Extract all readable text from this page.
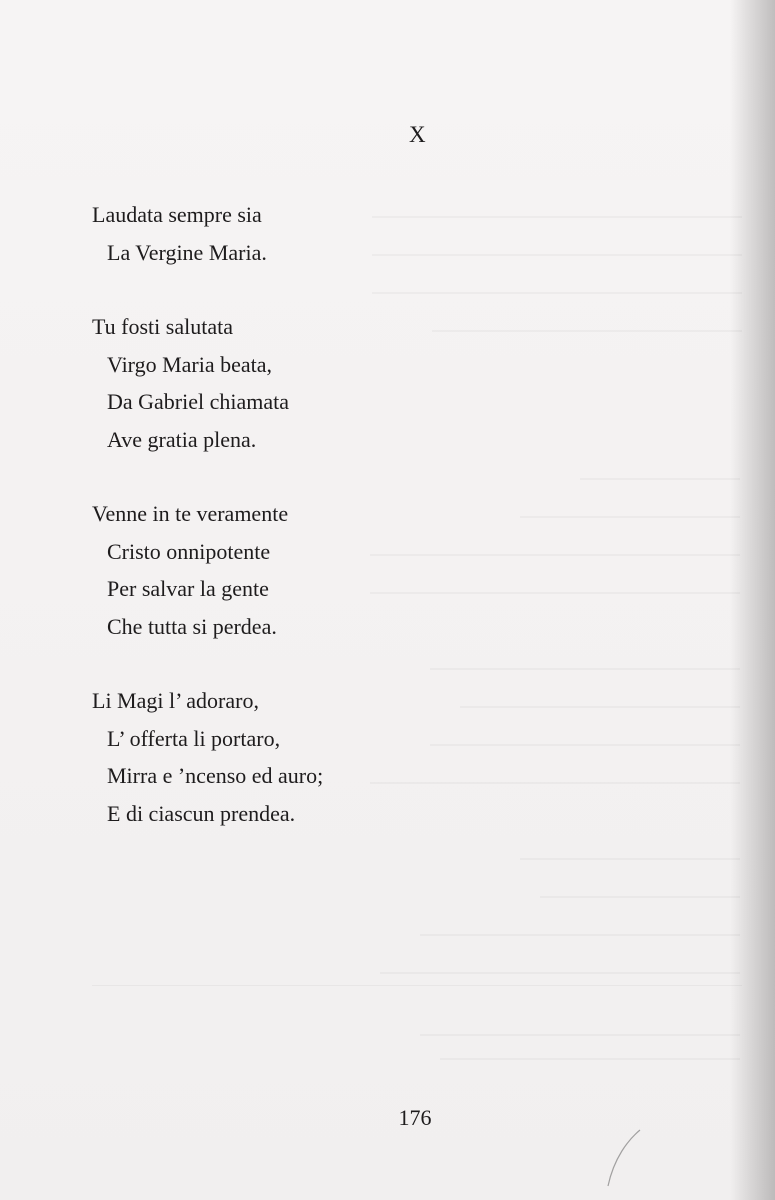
X
Laudata sempre sia
La Vergine Maria.
Tu fosti salutata
Virgo Maria beata,
Da Gabriel chiamata
Ave gratia plena.
Venne in te veramente
Cristo onnipotente
Per salvar la gente
Che tutta si perdea.
Li Magi l’ adoraro,
L’ offerta li portaro,
Mirra e ’ncenso ed auro;
E di ciascun prendea.
176
